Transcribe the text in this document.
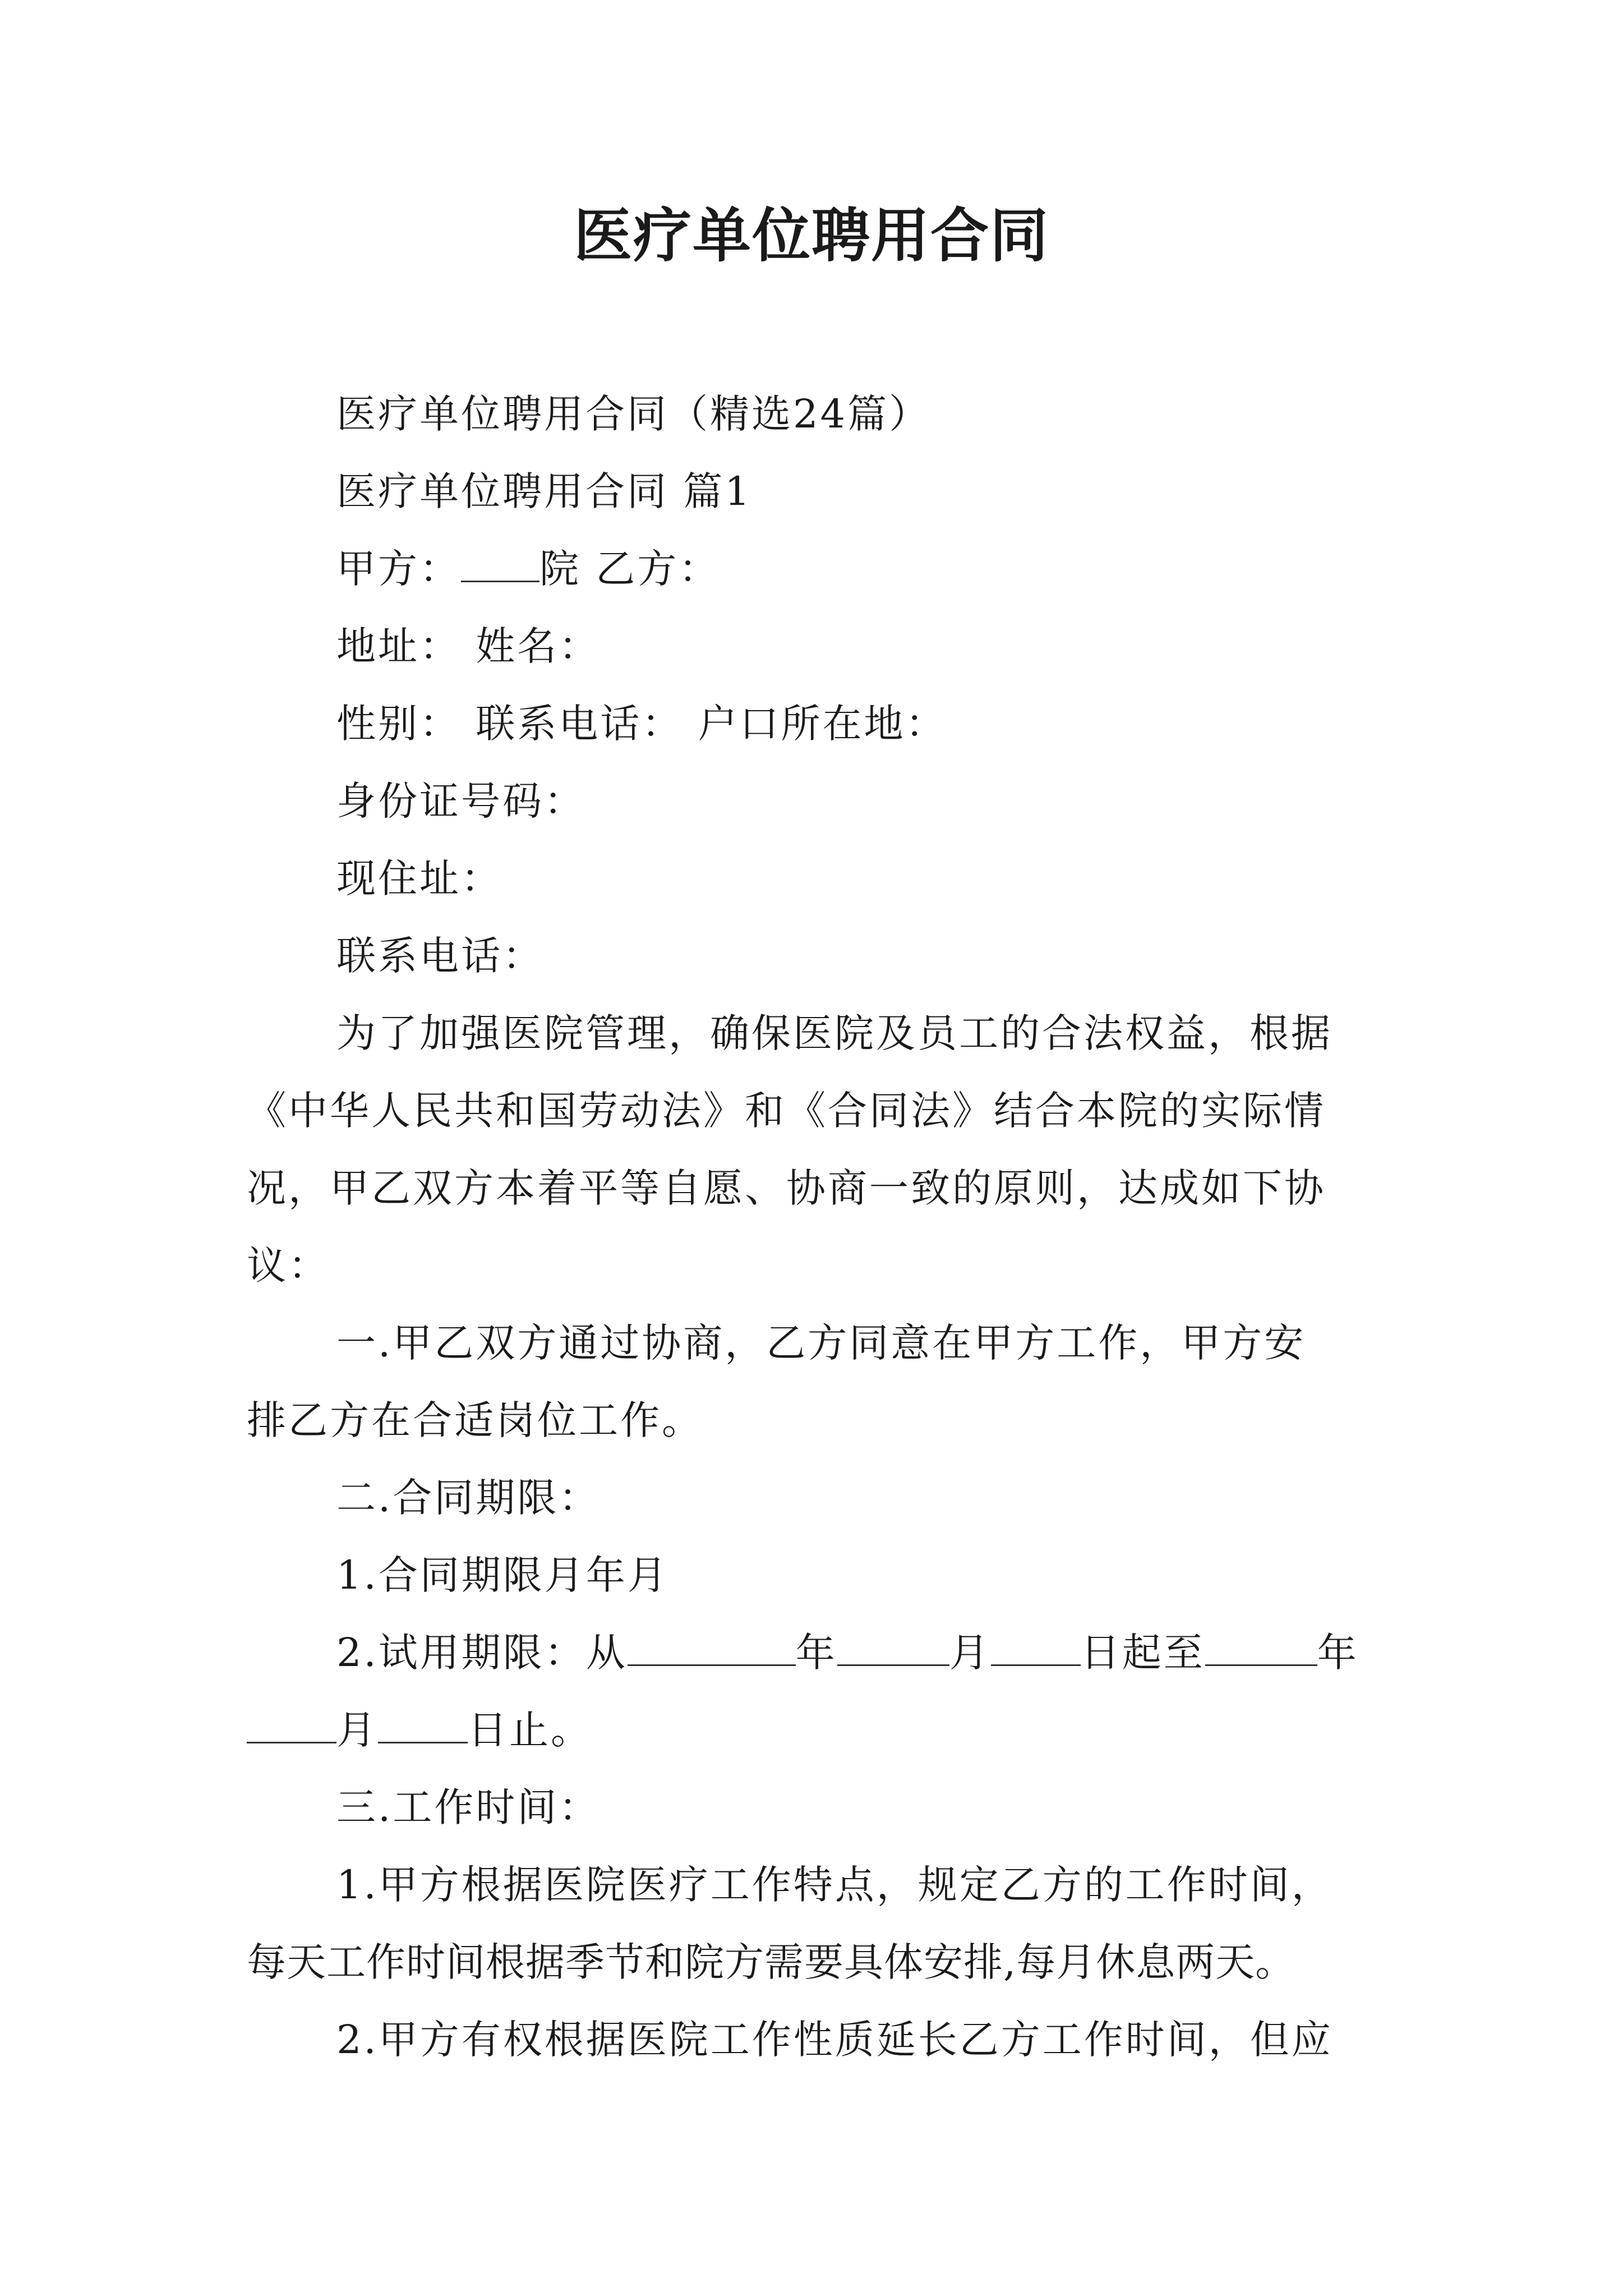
医疗单位聘用合同
医疗单位聘用合同（精选24篇）
医疗单位聘用合同 篇1
甲方： 院 乙方：
地址： 姓名：
性别： 联系电话： 户口所在地：
身份证号码：
现住址：
联系电话：
为了加强医院管理，确保医院及员工的合法权益，根据
《中华人民共和国劳动法》和《合同法》结合本院的实际情
况，甲乙双方本着平等自愿、协商一致的原则，达成如下协
议：
一.甲乙双方通过协商，乙方同意在甲方工作，甲方安
排乙方在合适岗位工作。
二.合同期限：
1.合同期限月年月
2.试用期限：从	年	月 日起至	年
月 日止。
三.工作时间：
1.甲方根据医院医疗工作特点，规定乙方的工作时间，
每天工作时间根据季节和院方需要具体安排,每月休息两天。
2.甲方有权根据医院工作性质延长乙方工作时间，但应
